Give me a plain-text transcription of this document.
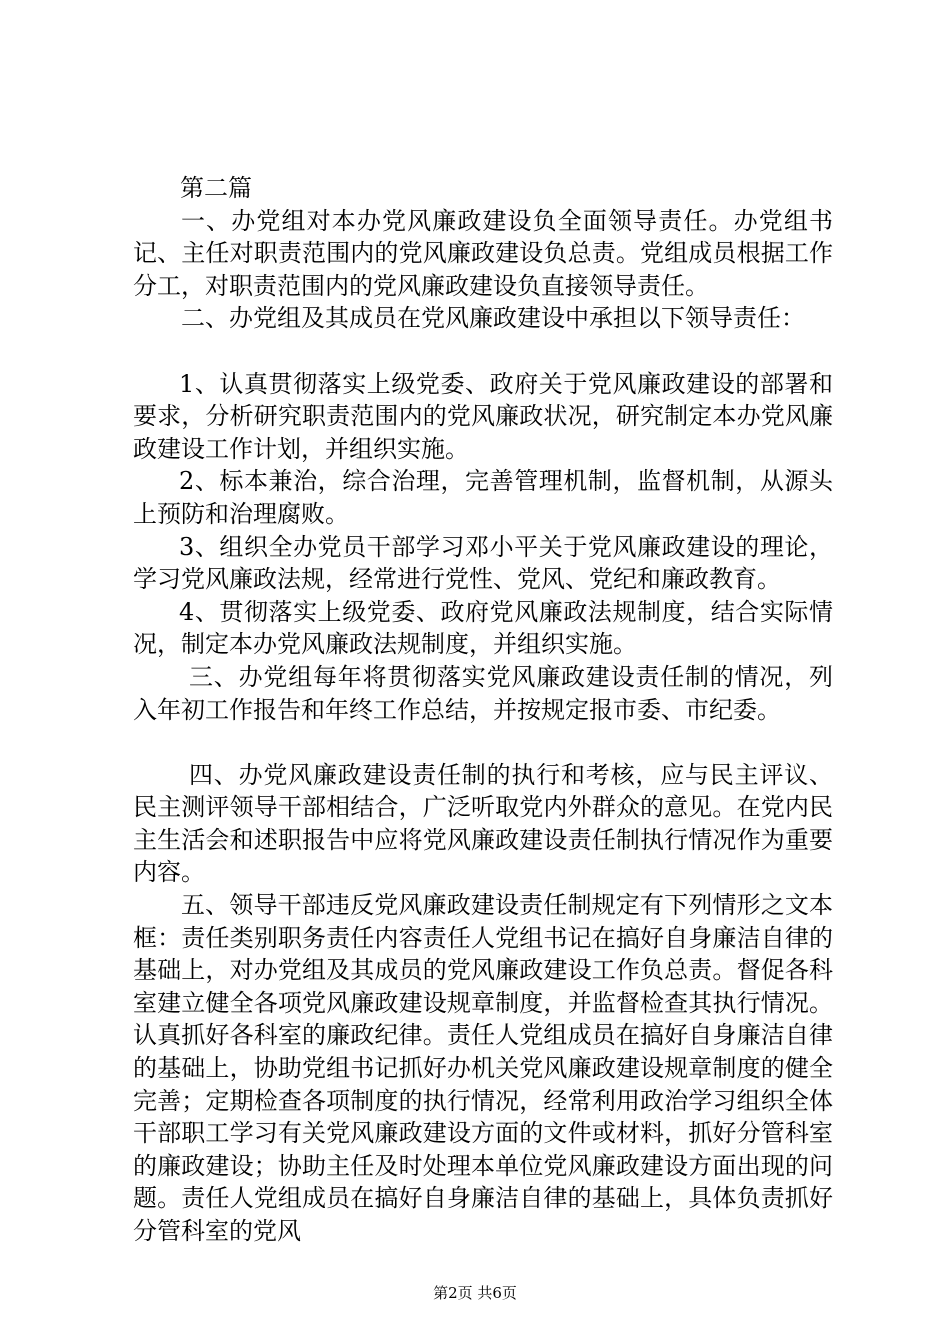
第二篇

一、办党组对本办党风廉政建设负全面领导责任。办党组书记、主任对职责范围内的党风廉政建设负总责。党组成员根据工作分工，对职责范围内的党风廉政建设负直接领导责任。

二、办党组及其成员在党风廉政建设中承担以下领导责任：

1、认真贯彻落实上级党委、政府关于党风廉政建设的部署和要求，分析研究职责范围内的党风廉政状况，研究制定本办党风廉政建设工作计划，并组织实施。

2、标本兼治，综合治理，完善管理机制，监督机制，从源头上预防和治理腐败。

3、组织全办党员干部学习邓小平关于党风廉政建设的理论，学习党风廉政法规，经常进行党性、党风、党纪和廉政教育。

4、贯彻落实上级党委、政府党风廉政法规制度，结合实际情况，制定本办党风廉政法规制度，并组织实施。

三、办党组每年将贯彻落实党风廉政建设责任制的情况，列入年初工作报告和年终工作总结，并按规定报市委、市纪委。

四、办党风廉政建设责任制的执行和考核，应与民主评议、民主测评领导干部相结合，广泛听取党内外群众的意见。在党内民主生活会和述职报告中应将党风廉政建设责任制执行情况作为重要内容。

五、领导干部违反党风廉政建设责任制规定有下列情形之文本框：责任类别职务责任内容责任人党组书记在搞好自身廉洁自律的基础上，对办党组及其成员的党风廉政建设工作负总责。督促各科室建立健全各项党风廉政建设规章制度，并监督检查其执行情况。认真抓好各科室的廉政纪律。责任人党组成员在搞好自身廉洁自律的基础上，协助党组书记抓好办机关党风廉政建设规章制度的健全完善；定期检查各项制度的执行情况，经常利用政治学习组织全体干部职工学习有关党风廉政建设方面的文件或材料，抓好分管科室的廉政建设；协助主任及时处理本单位党风廉政建设方面出现的问题。责任人党组成员在搞好自身廉洁自律的基础上，具体负责抓好分管科室的党风

第2页 共6页
